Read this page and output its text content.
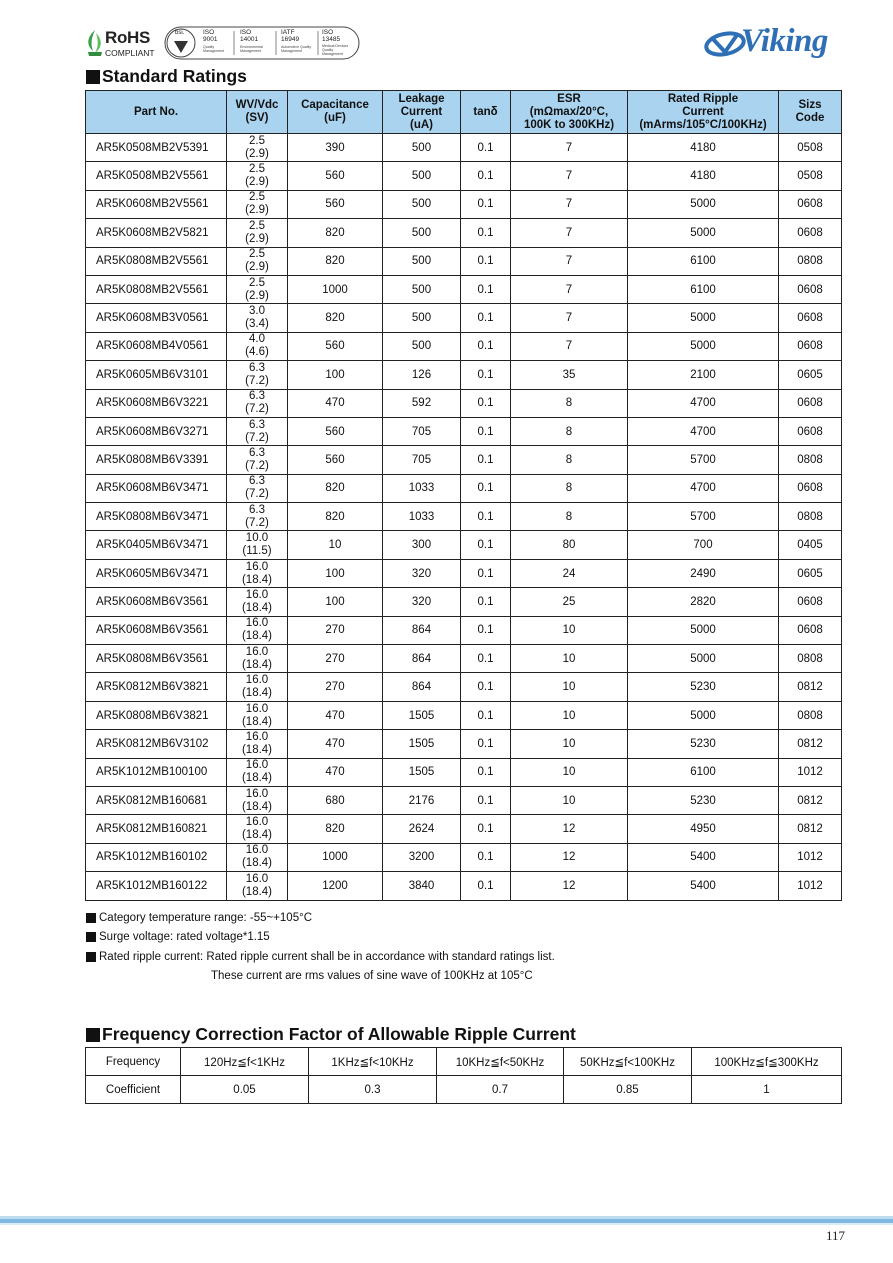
RoHS
COMPLIANT
bsi.	ISO
9001
Quality
Management
ISO
14001
Environmental
Management
IATF
16949
Automotive Quality
Management
ISO
13485
Medical Devices
Quality
Management	Viking
Standard Ratings
Part No.	WV/Vdc
(SV)	Capacitance
(uF)	Leakage
Current
(uA)	tanδ	ESR
(mΩmax/20°C,
100K to 300KHz)	Rated Ripple
Current
(mArms/105°C/100KHz)	Sizs
Code
AR5K0508MB2V5391	2.5
(2.9)	390	500	0.1	7	4180	0508
AR5K0508MB2V5561	2.5
(2.9)	560	500	0.1	7	4180	0508
AR5K0608MB2V5561	2.5
(2.9)	560	500	0.1	7	5000	0608
AR5K0608MB2V5821	2.5
(2.9)	820	500	0.1	7	5000	0608
AR5K0808MB2V5561	2.5
(2.9)	820	500	0.1	7	6100	0808
AR5K0808MB2V5561	2.5
(2.9)	1000	500	0.1	7	6100	0608
AR5K0608MB3V0561	3.0
(3.4)	820	500	0.1	7	5000	0608
AR5K0608MB4V0561	4.0
(4.6)	560	500	0.1	7	5000	0608
AR5K0605MB6V3101	6.3
(7.2)	100	126	0.1	35	2100	0605
AR5K0608MB6V3221	6.3
(7.2)	470	592	0.1	8	4700	0608
AR5K0608MB6V3271	6.3
(7.2)	560	705	0.1	8	4700	0608
AR5K0808MB6V3391	6.3
(7.2)	560	705	0.1	8	5700	0808
AR5K0608MB6V3471	6.3
(7.2)	820	1033	0.1	8	4700	0608
AR5K0808MB6V3471	6.3
(7.2)	820	1033	0.1	8	5700	0808
AR5K0405MB6V3471	10.0
(11.5)	10	300	0.1	80	700	0405
AR5K0605MB6V3471	16.0
(18.4)	100	320	0.1	24	2490	0605
AR5K0608MB6V3561	16.0
(18.4)	100	320	0.1	25	2820	0608
AR5K0608MB6V3561	16.0
(18.4)	270	864	0.1	10	5000	0608
AR5K0808MB6V3561	16.0
(18.4)	270	864	0.1	10	5000	0808
AR5K0812MB6V3821	16.0
(18.4)	270	864	0.1	10	5230	0812
AR5K0808MB6V3821	16.0
(18.4)	470	1505	0.1	10	5000	0808
AR5K0812MB6V3102	16.0
(18.4)	470	1505	0.1	10	5230	0812
AR5K1012MB100100	16.0
(18.4)	470	1505	0.1	10	6100	1012
AR5K0812MB160681	16.0
(18.4)	680	2176	0.1	10	5230	0812
AR5K0812MB160821	16.0
(18.4)	820	2624	0.1	12	4950	0812
AR5K1012MB160102	16.0
(18.4)	1000	3200	0.1	12	5400	1012
AR5K1012MB160122	16.0
(18.4)	1200	3840	0.1	12	5400	1012
Category temperature range: -55~+105°C
Surge voltage: rated voltage*1.15
Rated ripple current: Rated ripple current shall be in accordance with standard ratings list.
These current are rms values of sine wave of 100KHz at 105°C
Frequency Correction Factor of Allowable Ripple Current
Frequency	120Hz≦f<1KHz	1KHz≦f<10KHz	10KHz≦f<50KHz	50KHz≦f<100KHz	100KHz≦f≦300KHz
Coefficient	0.05	0.3	0.7	0.85	1
117
